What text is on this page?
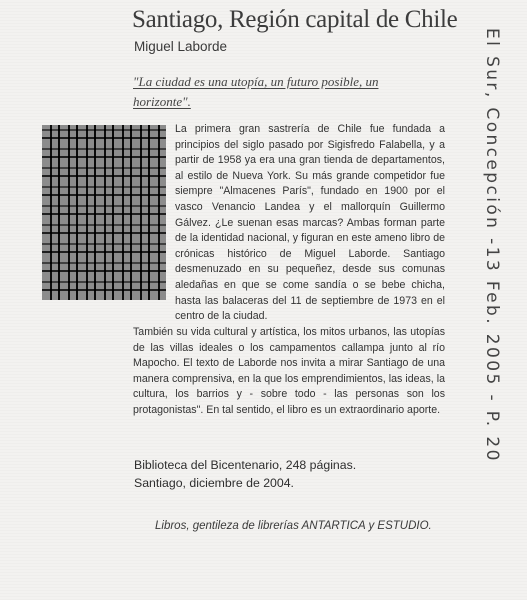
Santiago, Región capital de Chile
Miguel Laborde
"La ciudad es una utopía, un futuro posible, un horizonte".
La primera gran sastrería de Chile fue fundada a principios del siglo pasado por Sigisfredo Falabella, y a partir de 1958 ya era una gran tienda de departamentos, al estilo de Nueva York. Su más grande competidor fue siempre "Almacenes París", fundado en 1900 por el vasco Venancio Landea y el mallorquín Guillermo Gálvez. ¿Le suenan esas marcas? Ambas forman parte de la identidad nacional, y figuran en este ameno libro de crónicas histórico de Miguel Laborde. Santiago desmenuzado en su pequeñez, desde sus comunas aledañas en que se come sandía o se bebe chicha, hasta las balaceras del 11 de septiembre de 1973 en el centro de la ciudad.
También su vida cultural y artística, los mitos urbanos, las utopías de las villas ideales o los campamentos callampa junto al río Mapocho. El texto de Laborde nos invita a mirar Santiago de una manera comprensiva, en la que los emprendimientos, las ideas, la cultura, los barrios y - sobre todo - las personas son los protagonistas". En tal sentido, el libro es un extraordinario aporte.
Biblioteca del Bicentenario, 248 páginas.
Santiago, diciembre de 2004.
Libros, gentileza de librerías ANTARTICA y ESTUDIO.
El Sur, Concepción -13 Feb. 2005 - P. 20
